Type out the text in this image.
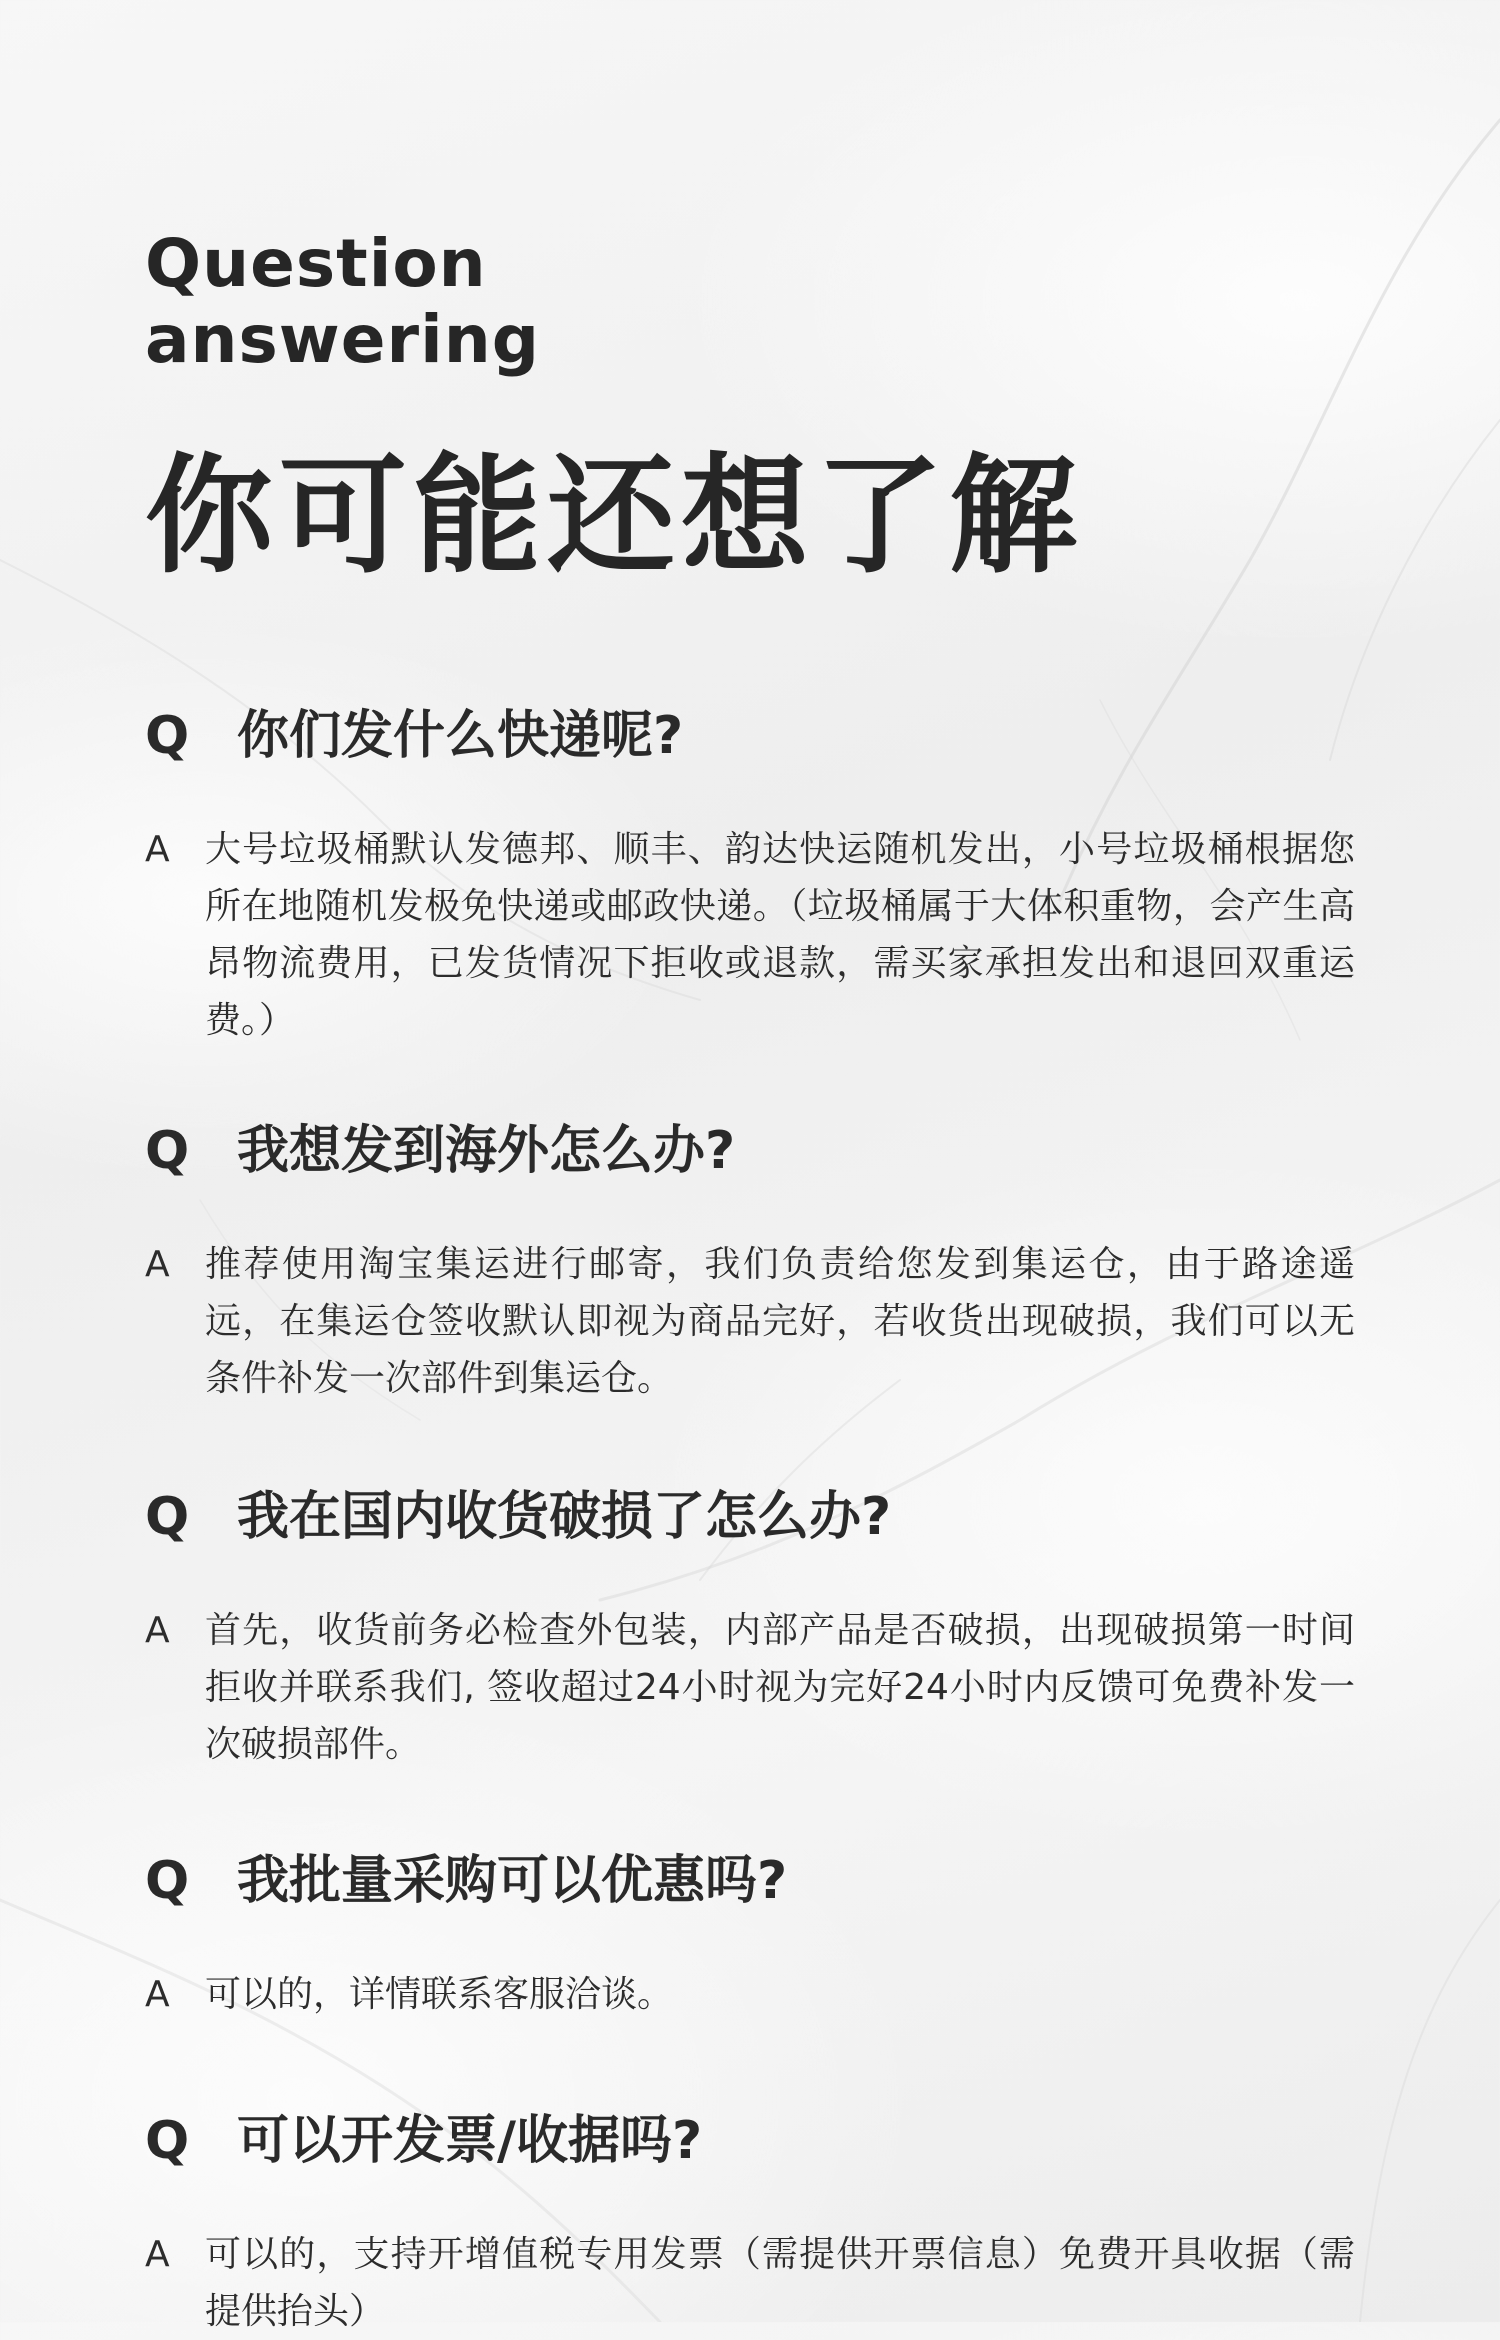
Question
answering
你可能还想了解
Q 你们发什么快递呢?
A 大号垃圾桶默认发德邦、顺丰、韵达快运随机发出，小号垃圾桶根据您所在地随机发极免快递或邮政快递。（垃圾桶属于大体积重物，会产生高昂物流费用，已发货情况下拒收或退款，需买家承担发出和退回双重运费。）
Q 我想发到海外怎么办?
A 推荐使用淘宝集运进行邮寄，我们负责给您发到集运仓，由于路途遥远，在集运仓签收默认即视为商品完好，若收货出现破损，我们可以无条件补发一次部件到集运仓。
Q 我在国内收货破损了怎么办?
A 首先，收货前务必检查外包装，内部产品是否破损，出现破损第一时间拒收并联系我们, 签收超过24小时视为完好24小时内反馈可免费补发一次破损部件。
Q 我批量采购可以优惠吗?
A 可以的，详情联系客服洽谈。
Q 可以开发票/收据吗?
A 可以的，支持开增值税专用发票（需提供开票信息）免费开具收据（需提供抬头）
